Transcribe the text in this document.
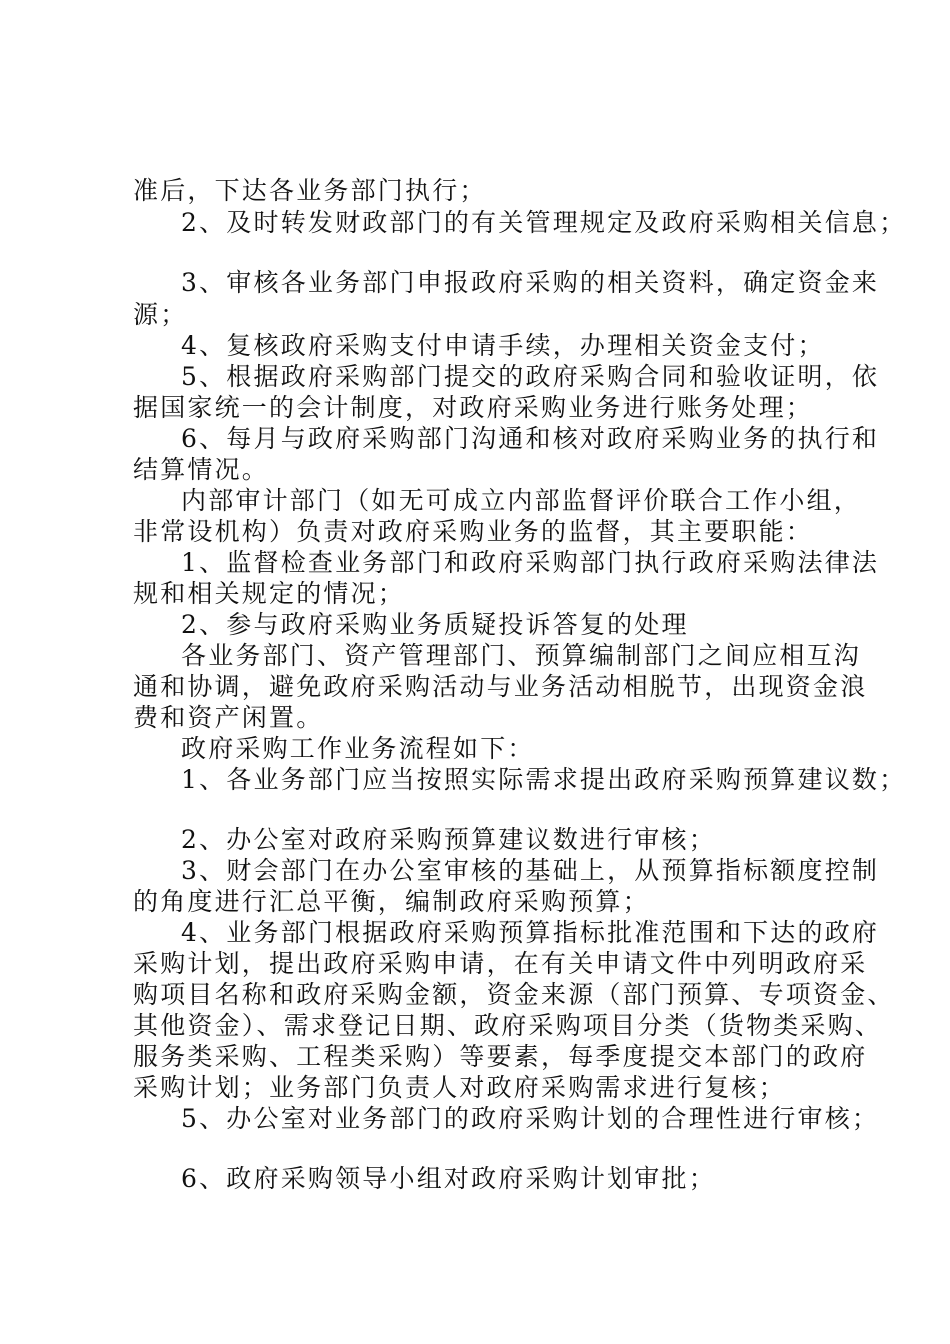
准后，下达各业务部门执行；
2、及时转发财政部门的有关管理规定及政府采购相关信息；
3、审核各业务部门申报政府采购的相关资料，确定资金来
源；
4、复核政府采购支付申请手续，办理相关资金支付；
5、根据政府采购部门提交的政府采购合同和验收证明，依
据国家统一的会计制度，对政府采购业务进行账务处理；
6、每月与政府采购部门沟通和核对政府采购业务的执行和
结算情况。
内部审计部门（如无可成立内部监督评价联合工作小组，
非常设机构）负责对政府采购业务的监督，其主要职能：
1、监督检查业务部门和政府采购部门执行政府采购法律法
规和相关规定的情况；
2、参与政府采购业务质疑投诉答复的处理
各业务部门、资产管理部门、预算编制部门之间应相互沟
通和协调，避免政府采购活动与业务活动相脱节，出现资金浪
费和资产闲置。
政府采购工作业务流程如下：
1、各业务部门应当按照实际需求提出政府采购预算建议数；
2、办公室对政府采购预算建议数进行审核；
3、财会部门在办公室审核的基础上，从预算指标额度控制
的角度进行汇总平衡，编制政府采购预算；
4、业务部门根据政府采购预算指标批准范围和下达的政府
采购计划，提出政府采购申请，在有关申请文件中列明政府采
购项目名称和政府采购金额，资金来源（部门预算、专项资金、
其他资金）、需求登记日期、政府采购项目分类（货物类采购、
服务类采购、工程类采购）等要素，每季度提交本部门的政府
采购计划；业务部门负责人对政府采购需求进行复核；
5、办公室对业务部门的政府采购计划的合理性进行审核；
6、政府采购领导小组对政府采购计划审批；
